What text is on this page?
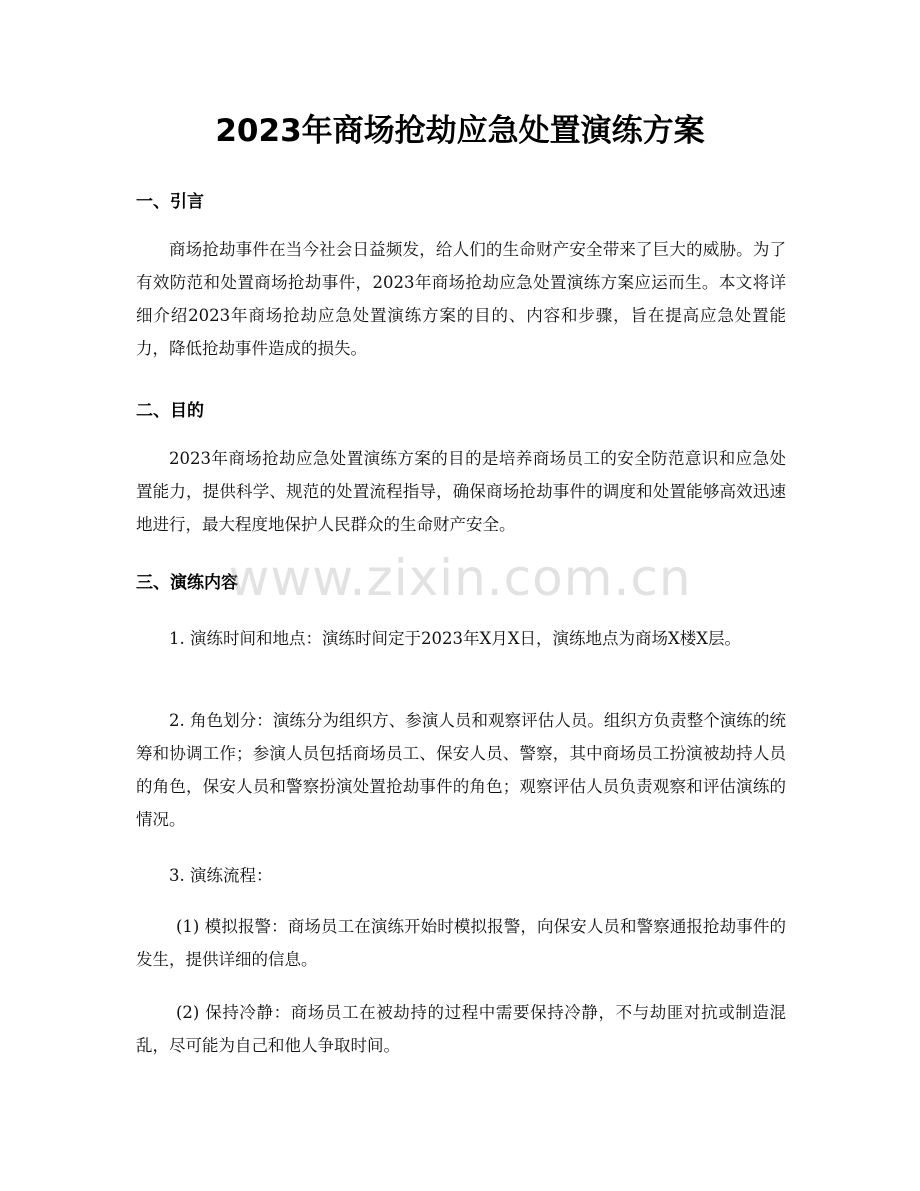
2023年商场抢劫应急处置演练方案
一、引言

商场抢劫事件在当今社会日益频发，给人们的生命财产安全带来了巨大的威胁。为了有效防范和处置商场抢劫事件，2023年商场抢劫应急处置演练方案应运而生。本文将详细介绍2023年商场抢劫应急处置演练方案的目的、内容和步骤，旨在提高应急处置能力，降低抢劫事件造成的损失。

二、目的

2023年商场抢劫应急处置演练方案的目的是培养商场员工的安全防范意识和应急处置能力，提供科学、规范的处置流程指导，确保商场抢劫事件的调度和处置能够高效迅速地进行，最大程度地保护人民群众的生命财产安全。

三、演练内容

1. 演练时间和地点：演练时间定于2023年X月X日，演练地点为商场X楼X层。

2. 角色划分：演练分为组织方、参演人员和观察评估人员。组织方负责整个演练的统筹和协调工作；参演人员包括商场员工、保安人员、警察，其中商场员工扮演被劫持人员的角色，保安人员和警察扮演处置抢劫事件的角色；观察评估人员负责观察和评估演练的情况。

3. 演练流程：

(1) 模拟报警：商场员工在演练开始时模拟报警，向保安人员和警察通报抢劫事件的发生，提供详细的信息。

(2) 保持冷静：商场员工在被劫持的过程中需要保持冷静，不与劫匪对抗或制造混乱，尽可能为自己和他人争取时间。

www.zixin.com.cn
